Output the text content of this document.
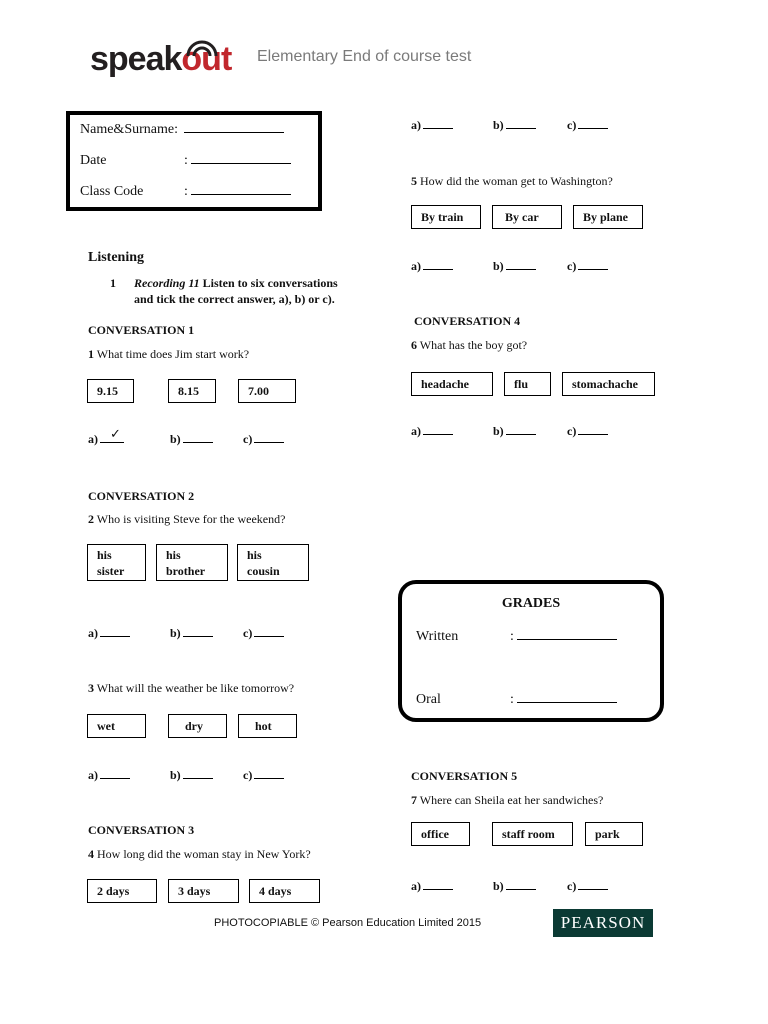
speakout Elementary End of course test
Name&Surname:
Date	:
Class Code	:
Listening
1 Recording 11 Listen to six conversations
and tick the correct answer, a), b) or c).
CONVERSATION 1
1 What time does Jim start work?
9.15	8.15	7.00
a) ✓	b)	c)
CONVERSATION 2
2 Who is visiting Steve for the weekend?
his
sister
his
brother
his
cousin
a)	b)	c)
3 What will the weather be like tomorrow?
wet	dry	hot
a)	b)	c)
CONVERSATION 3
4 How long did the woman stay in New York?
2 days	3 days	4 days
a)	b)	c)
5 How did the woman get to Washington?
By train	By car	By plane
a)	b)	c)
CONVERSATION 4
6 What has the boy got?
headache	flu	stomachache
a)	b)	c)
GRADES
Written	:
Oral	:
CONVERSATION 5
7 Where can Sheila eat her sandwiches?
office	staff room	park
a)	b)	c)
PHOTOCOPIABLE © Pearson Education Limited 2015	PEARSON
